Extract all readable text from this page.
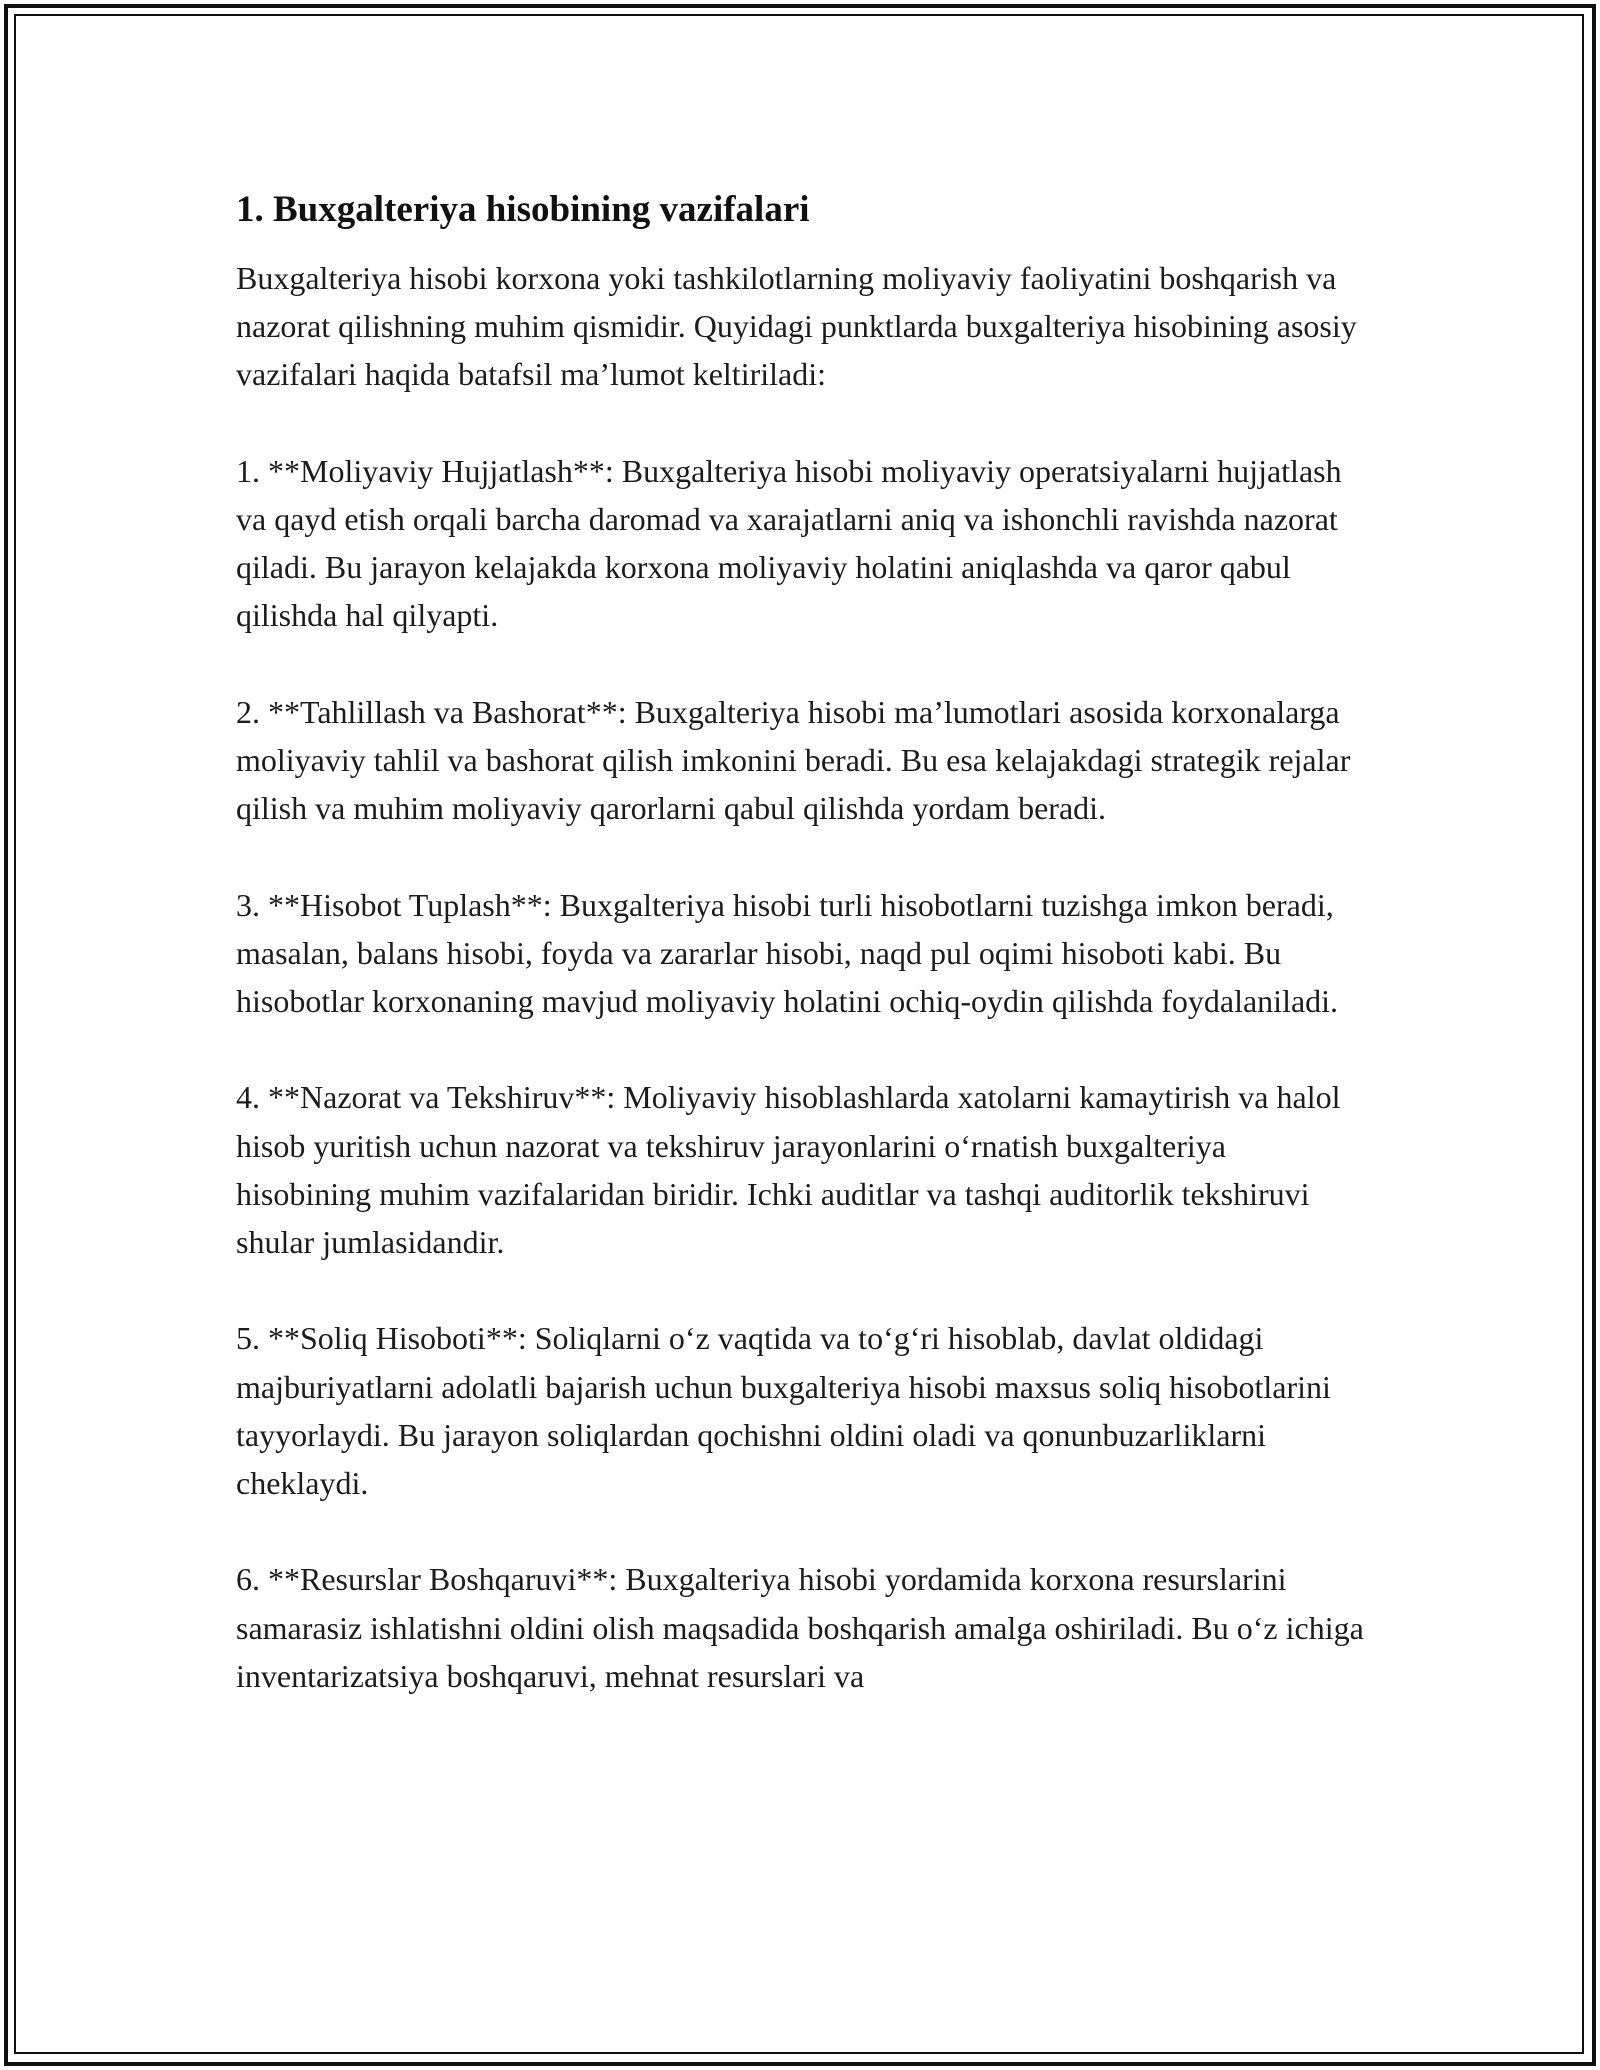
1. Buxgalteriya hisobining vazifalari

Buxgalteriya hisobi korxona yoki tashkilotlarning moliyaviy faoliyatini boshqarish va nazorat qilishning muhim qismidir. Quyidagi punktlarda buxgalteriya hisobining asosiy vazifalari haqida batafsil ma’lumot keltiriladi:

1. **Moliyaviy Hujjatlash**: Buxgalteriya hisobi moliyaviy operatsiyalarni hujjatlash va qayd etish orqali barcha daromad va xarajatlarni aniq va ishonchli ravishda nazorat qiladi. Bu jarayon kelajakda korxona moliyaviy holatini aniqlashda va qaror qabul qilishda hal qilyapti.

2. **Tahlillash va Bashorat**: Buxgalteriya hisobi ma’lumotlari asosida korxonalarga moliyaviy tahlil va bashorat qilish imkonini beradi. Bu esa kelajakdagi strategik rejalar qilish va muhim moliyaviy qarorlarni qabul qilishda yordam beradi.

3. **Hisobot Tuplash**: Buxgalteriya hisobi turli hisobotlarni tuzishga imkon beradi, masalan, balans hisobi, foyda va zararlar hisobi, naqd pul oqimi hisoboti kabi. Bu hisobotlar korxonaning mavjud moliyaviy holatini ochiq-oydin qilishda foydalaniladi.

4. **Nazorat va Tekshiruv**: Moliyaviy hisoblashlarda xatolarni kamaytirish va halol hisob yuritish uchun nazorat va tekshiruv jarayonlarini o‘rnatish buxgalteriya hisobining muhim vazifalaridan biridir. Ichki auditlar va tashqi auditorlik tekshiruvi shular jumlasidandir.

5. **Soliq Hisoboti**: Soliqlarni o‘z vaqtida va to‘g‘ri hisoblab, davlat oldidagi majburiyatlarni adolatli bajarish uchun buxgalteriya hisobi maxsus soliq hisobotlarini tayyorlaydi. Bu jarayon soliqlardan qochishni oldini oladi va qonunbuzarliklarni cheklaydi.

6. **Resurslar Boshqaruvi**: Buxgalteriya hisobi yordamida korxona resurslarini samarasiz ishlatishni oldini olish maqsadida boshqarish amalga oshiriladi. Bu o‘z ichiga inventarizatsiya boshqaruvi, mehnat resurslari va
